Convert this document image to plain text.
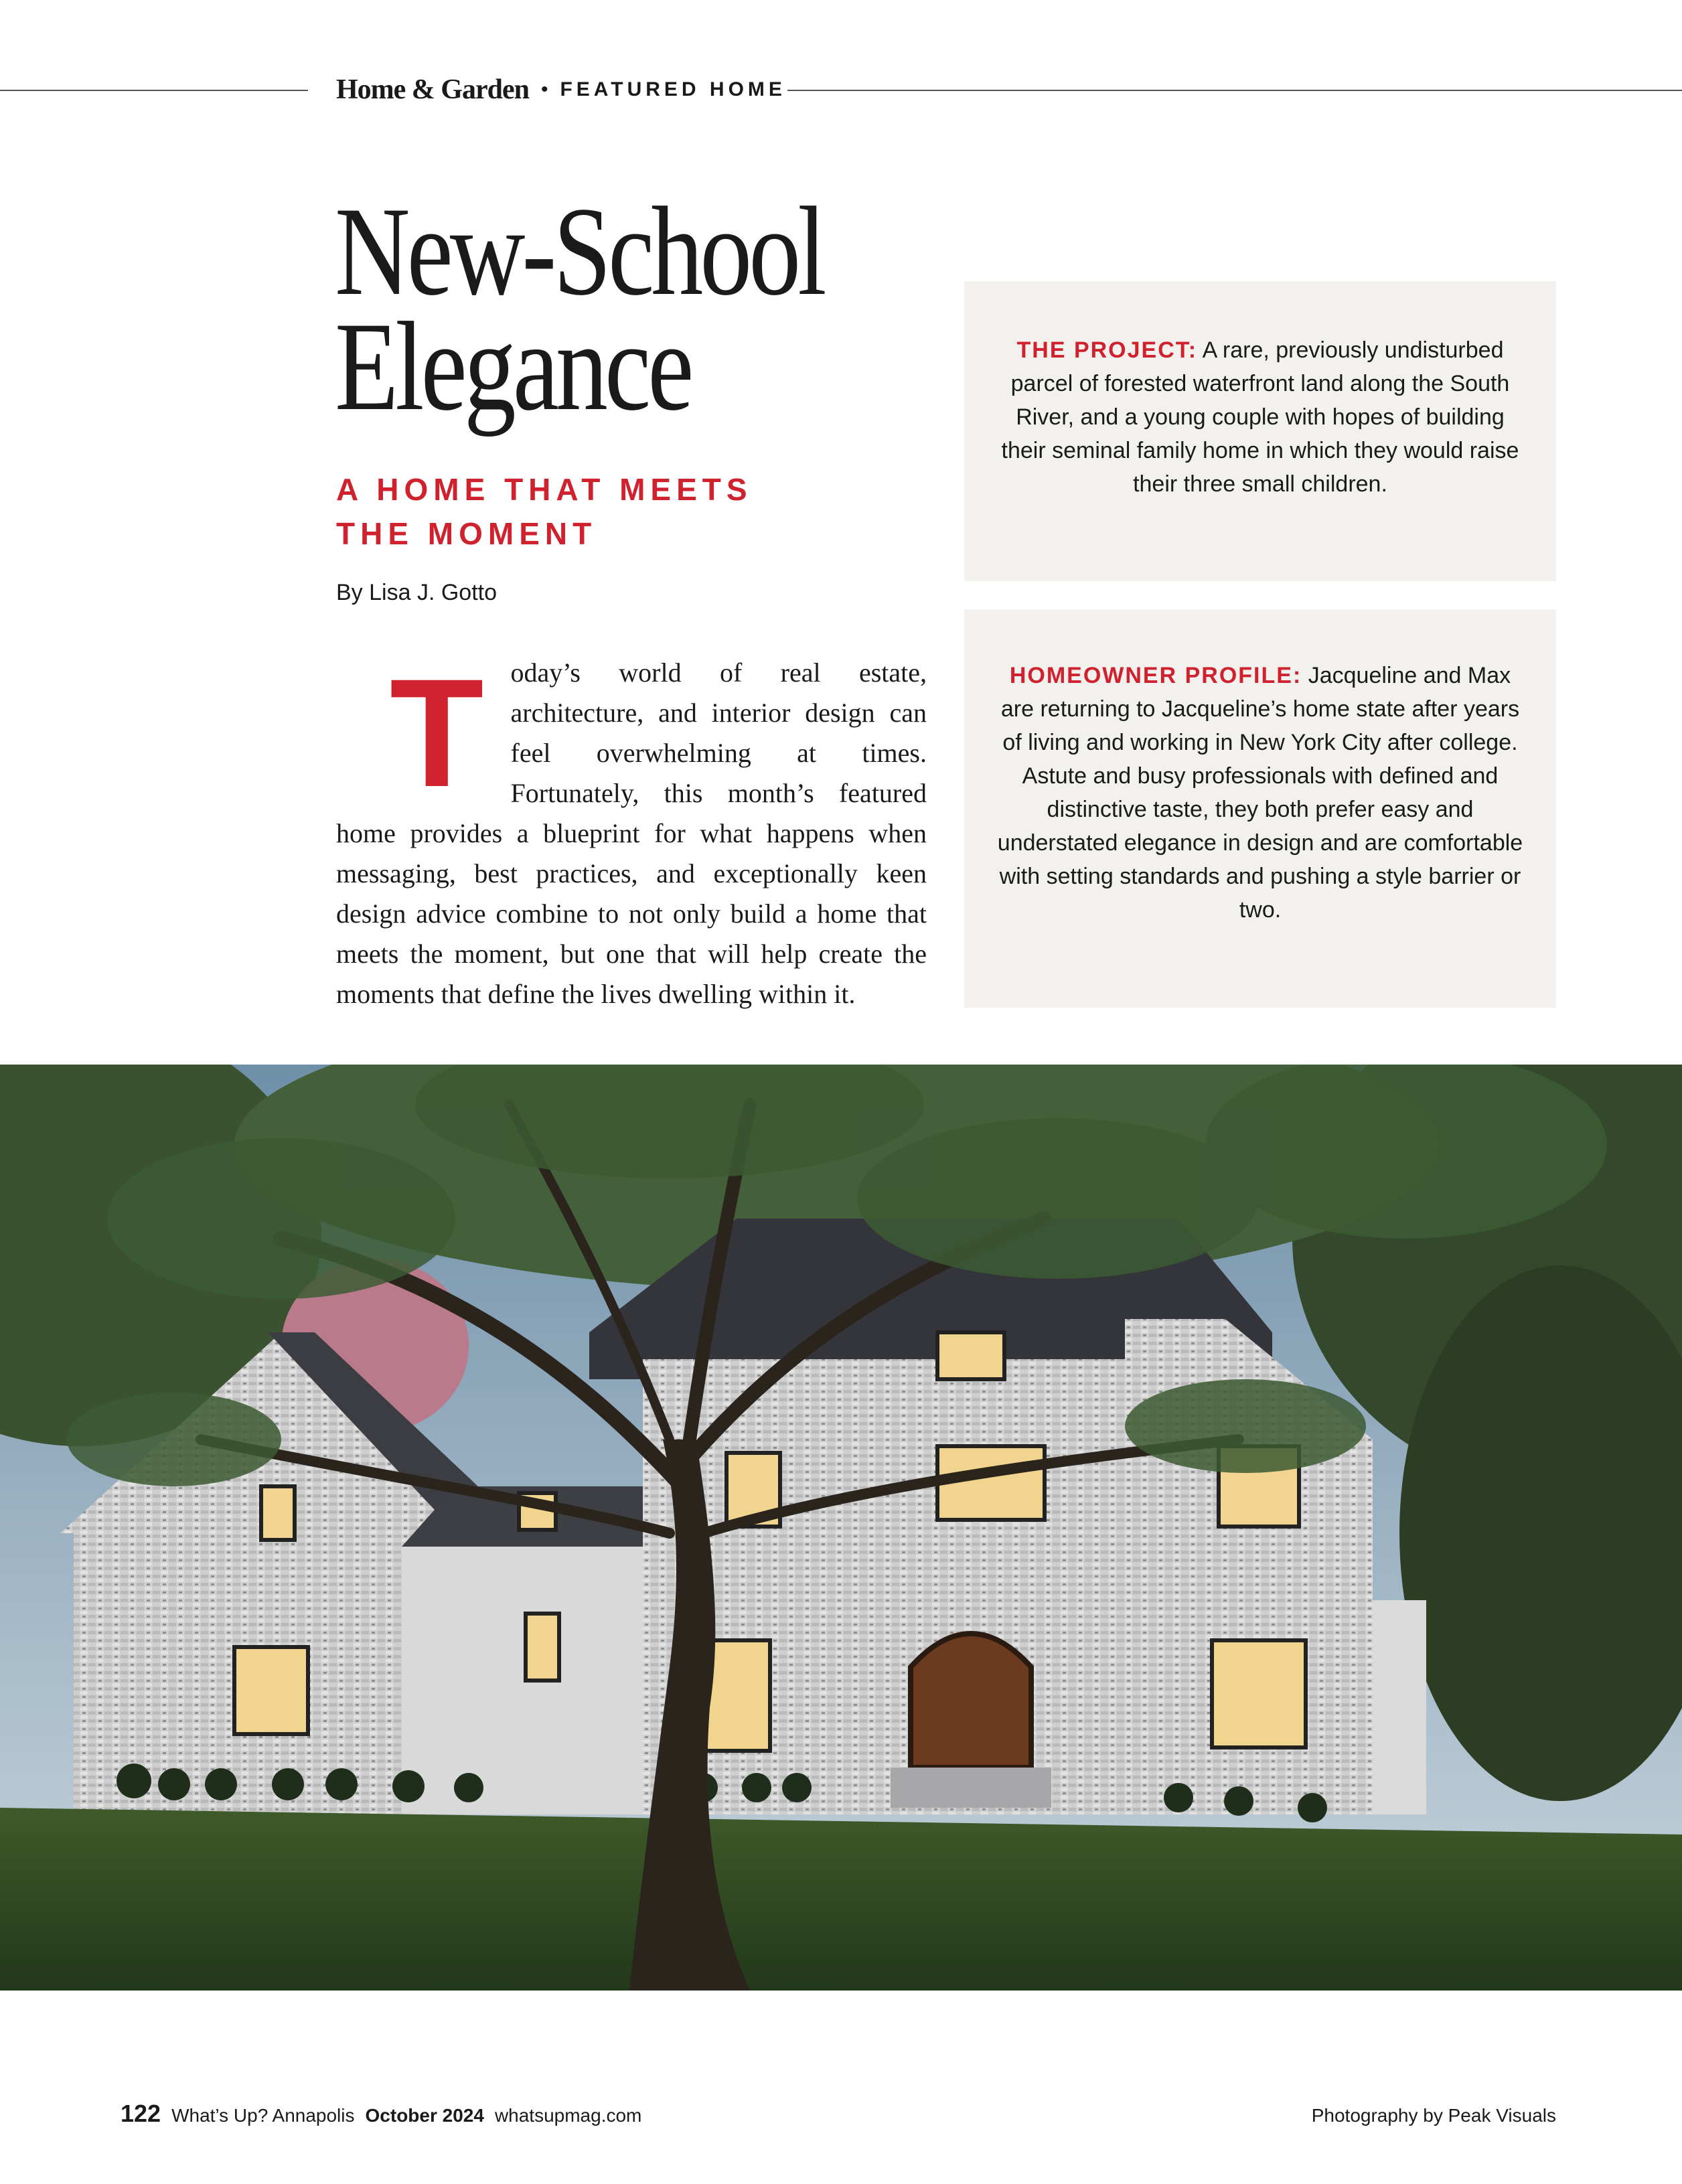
Home & Garden • FEATURED HOME
New-School
Elegance
A HOME THAT MEETS
THE MOMENT
By Lisa J. Gotto
T oday’s world of real estate, architecture, and interior design can feel overwhelming at times. Fortunately, this month’s featured home provides a blueprint for what happens when messaging, best practices, and exceptionally keen design advice combine to not only build a home that meets the moment, but one that will help create the moments that define the lives dwelling within it.
THE PROJECT: A rare, previously undisturbed parcel of forested waterfront land along the South River, and a young couple with hopes of building their seminal family home in which they would raise their three small children.
HOMEOWNER PROFILE: Jacqueline and Max are returning to Jacqueline’s home state after years of living and working in New York City after college. Astute and busy professionals with defined and distinctive taste, they both prefer easy and understated elegance in design and are comfortable with setting standards and pushing a style barrier or two.
122 What’s Up? Annapolis October 2024 whatsupmag.com	Photography by Peak Visuals
